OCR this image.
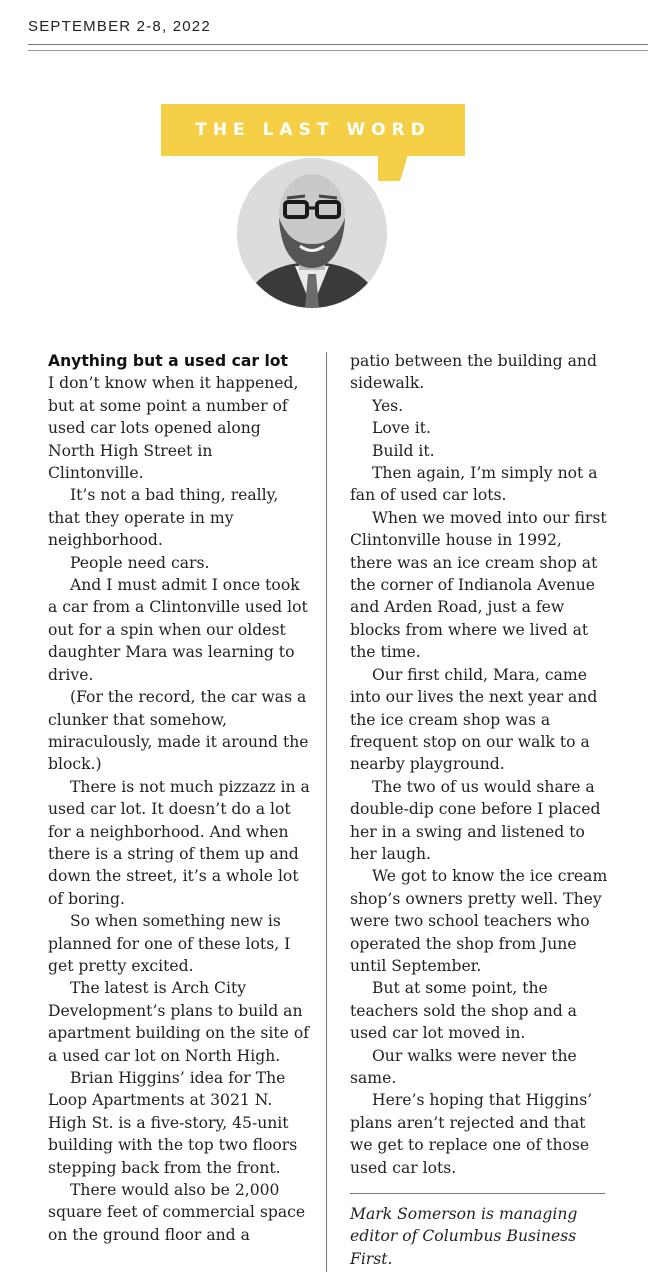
SEPTEMBER 2-8, 2022
THE LAST WORD
Anything but a used car lot

I don’t know when it happened, but at some point a number of used car lots opened along North High Street in Clintonville.

It’s not a bad thing, really, that they operate in my neighborhood.

People need cars.

And I must admit I once took a car from a Clintonville used lot out for a spin when our oldest daughter Mara was learning to drive.

(For the record, the car was a clunker that somehow, miraculously, made it around the block.)

There is not much pizzazz in a used car lot. It doesn’t do a lot for a neighborhood. And when there is a string of them up and down the street, it’s a whole lot of boring.

So when something new is planned for one of these lots, I get pretty excited.

The latest is Arch City Development’s plans to build an apartment building on the site of a used car lot on North High.

Brian Higgins’ idea for The Loop Apartments at 3021 N. High St. is a five-story, 45-unit building with the top two floors stepping back from the front.

There would also be 2,000 square feet of commercial space on the ground floor and a

patio between the building and sidewalk.

Yes.

Love it.

Build it.

Then again, I’m simply not a fan of used car lots.

When we moved into our first Clintonville house in 1992, there was an ice cream shop at the corner of Indianola Avenue and Arden Road, just a few blocks from where we lived at the time.

Our first child, Mara, came into our lives the next year and the ice cream shop was a frequent stop on our walk to a nearby playground.

The two of us would share a double-dip cone before I placed her in a swing and listened to her laugh.

We got to know the ice cream shop’s owners pretty well. They were two school teachers who operated the shop from June until September.

But at some point, the teachers sold the shop and a used car lot moved in.

Our walks were never the same.

Here’s hoping that Higgins’ plans aren’t rejected and that we get to replace one of those used car lots.

Mark Somerson is managing editor of Columbus Business First.
